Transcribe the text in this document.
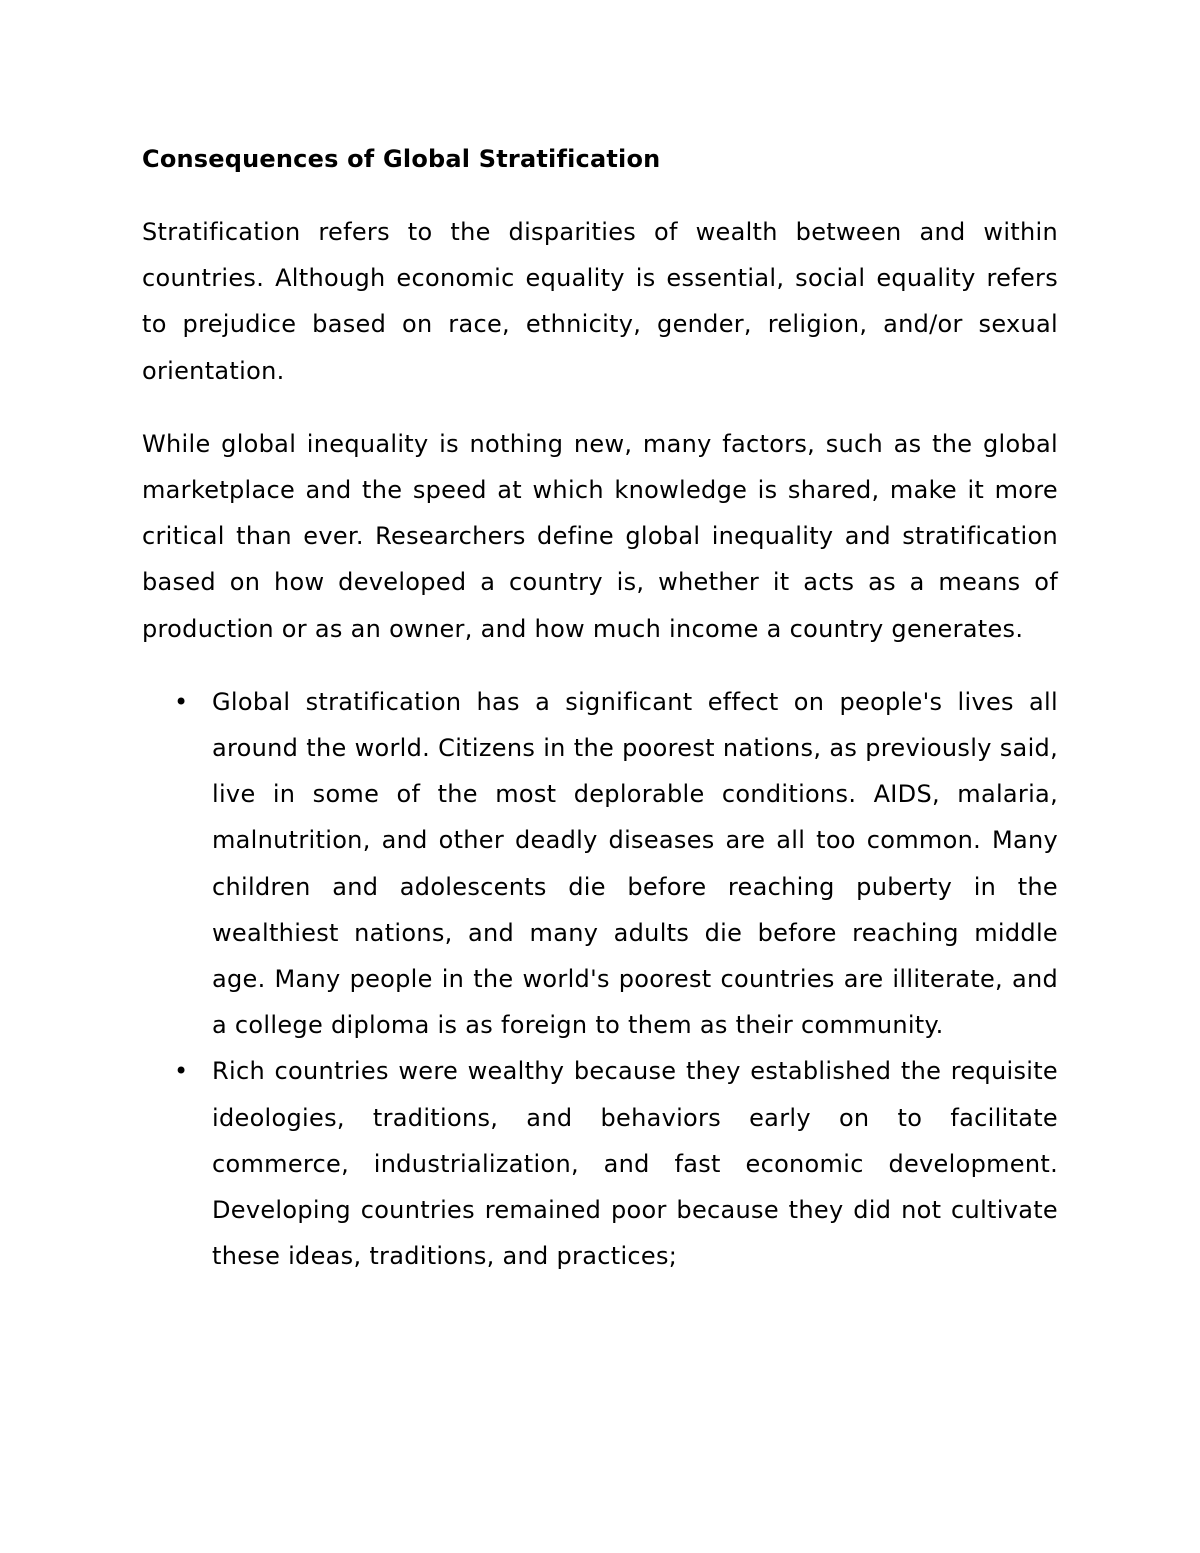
Consequences of Global Stratification

Stratification refers to the disparities of wealth between and within countries. Although economic equality is essential, social equality refers to prejudice based on race, ethnicity, gender, religion, and/or sexual orientation.

While global inequality is nothing new, many factors, such as the global marketplace and the speed at which knowledge is shared, make it more critical than ever. Researchers define global inequality and stratification based on how developed a country is, whether it acts as a means of production or as an owner, and how much income a country generates.

• Global stratification has a significant effect on people's lives all around the world. Citizens in the poorest nations, as previously said, live in some of the most deplorable conditions. AIDS, malaria, malnutrition, and other deadly diseases are all too common. Many children and adolescents die before reaching puberty in the wealthiest nations, and many adults die before reaching middle age. Many people in the world's poorest countries are illiterate, and a college diploma is as foreign to them as their community.
• Rich countries were wealthy because they established the requisite ideologies, traditions, and behaviors early on to facilitate commerce, industrialization, and fast economic development. Developing countries remained poor because they did not cultivate these ideas, traditions, and practices;
